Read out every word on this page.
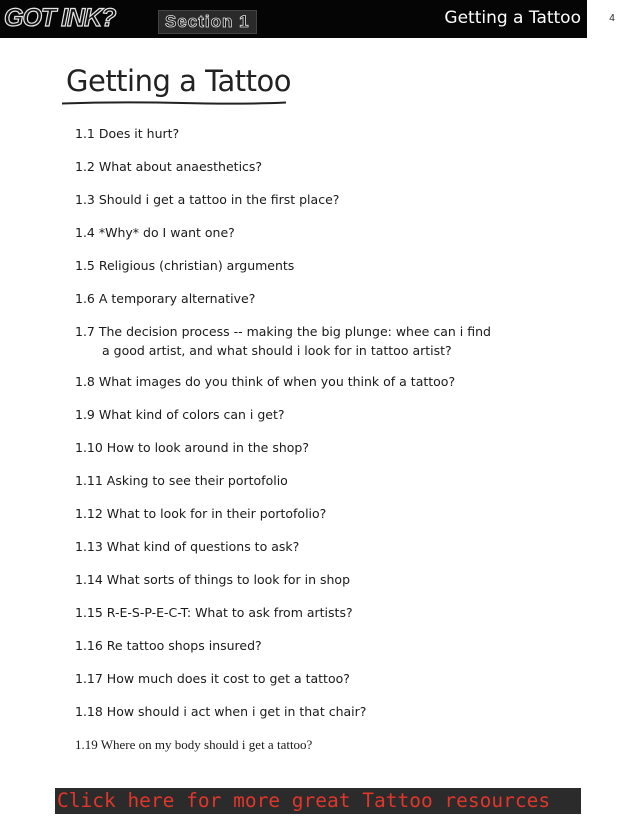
GOT INK?	Section 1	Getting a Tattoo	4
Getting a Tattoo
1.1 Does it hurt?
1.2 What about anaesthetics?
1.3 Should i get a tattoo in the first place?
1.4 *Why* do I want one?
1.5 Religious (christian) arguments
1.6 A temporary alternative?
1.7 The decision process -- making the big plunge: whee can i find
a good artist, and what should i look for in tattoo artist?
1.8 What images do you think of when you think of a tattoo?
1.9 What kind of colors can i get?
1.10 How to look around in the shop?
1.11 Asking to see their portofolio
1.12 What to look for in their portofolio?
1.13 What kind of questions to ask?
1.14 What sorts of things to look for in shop
1.15 R-E-S-P-E-C-T: What to ask from artists?
1.16 Re tattoo shops insured?
1.17 How much does it cost to get a tattoo?
1.18 How should i act when i get in that chair?
1.19 Where on my body should i get a tattoo?
Click here for more great Tattoo resources
